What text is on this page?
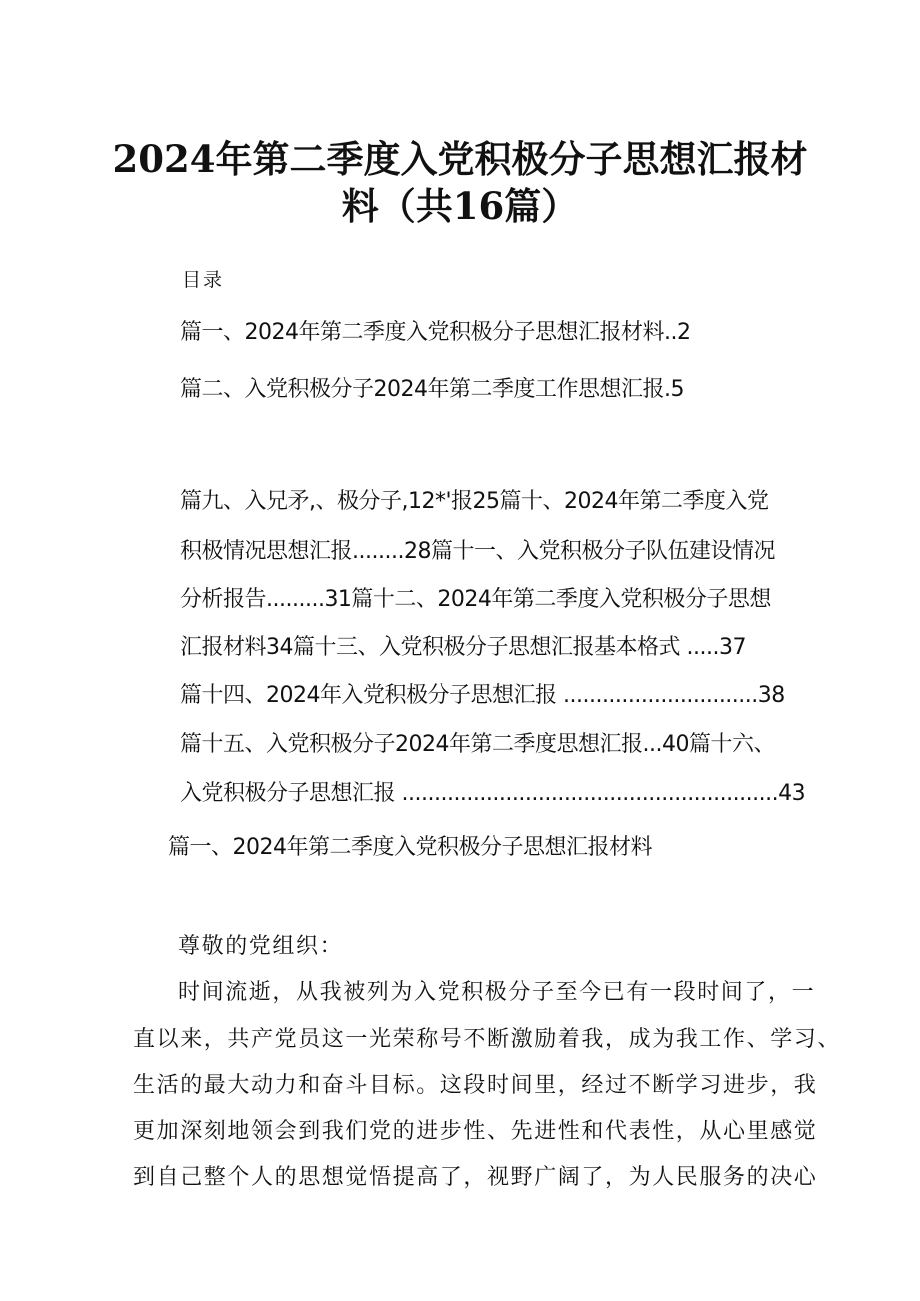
2024年第二季度入党积极分子思想汇报材
料（共16篇）
目录
篇一、2024年第二季度入党积极分子思想汇报材料..2
篇二、入党积极分子2024年第二季度工作思想汇报.5
篇九、入兄矛,、极分子,12*'报25篇十、2024年第二季度入党
积极情况思想汇报........28篇十一、入党积极分子队伍建设情况
分析报告.........31篇十二、2024年第二季度入党积极分子思想
汇报材料34篇十三、入党积极分子思想汇报基本格式 .....37
篇十四、2024年入党积极分子思想汇报 ..............................38
篇十五、入党积极分子2024年第二季度思想汇报...40篇十六、
入党积极分子思想汇报 ..........................................................43
篇一、2024年第二季度入党积极分子思想汇报材料
尊敬的党组织：
时间流逝，从我被列为入党积极分子至今已有一段时间了，一
直以来，共产党员这一光荣称号不断激励着我，成为我工作、学习、
生活的最大动力和奋斗目标。这段时间里，经过不断学习进步，我
更加深刻地领会到我们党的进步性、先进性和代表性，从心里感觉
到自己整个人的思想觉悟提高了，视野广阔了，为人民服务的决心
